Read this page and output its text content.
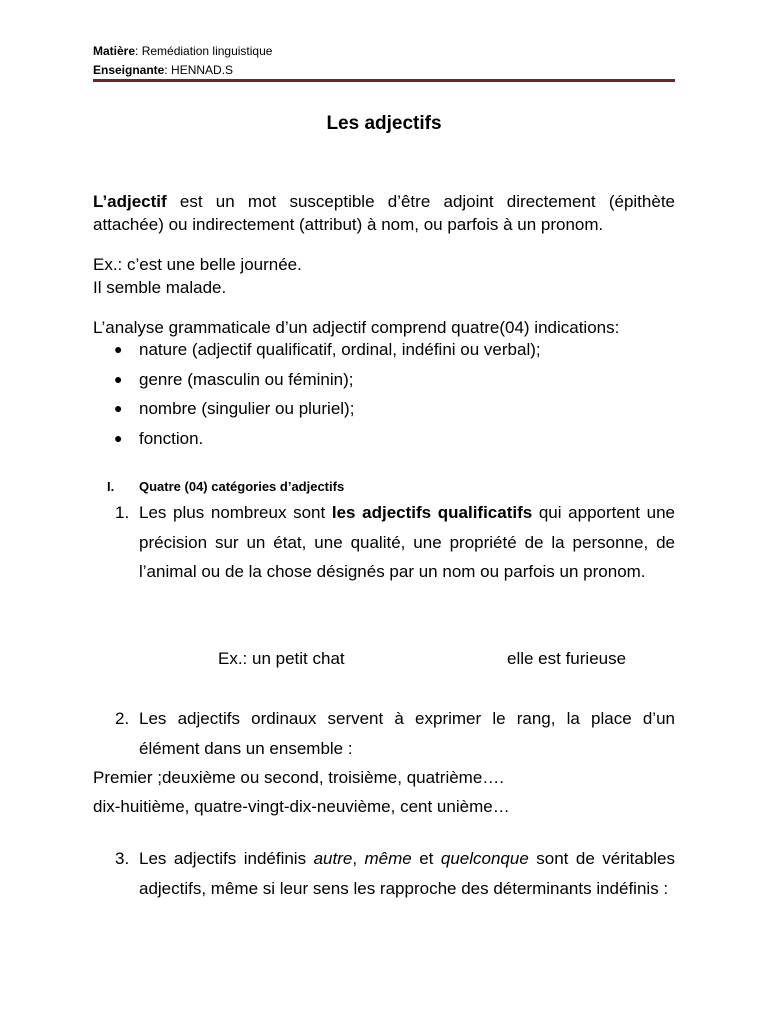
Matière: Remédiation linguistique
Enseignante: HENNAD.S
Les adjectifs
L’adjectif est un mot susceptible d’être adjoint directement (épithète attachée) ou indirectement (attribut) à nom, ou parfois à un pronom.
Ex.: c’est une belle journée.
Il semble malade.
L’analyse grammaticale d’un adjectif comprend quatre(04) indications:
● nature (adjectif qualificatif, ordinal, indéfini ou verbal);
● genre (masculin ou féminin);
● nombre (singulier ou pluriel);
● fonction.
I. Quatre (04) catégories d’adjectifs
1. Les plus nombreux sont les adjectifs qualificatifs qui apportent une précision sur un état, une qualité, une propriété de la personne, de l’animal ou de la chose désignés par un nom ou parfois un pronom.
Ex.: un petit chat	elle est furieuse
2. Les adjectifs ordinaux servent à exprimer le rang, la place d’un élément dans un ensemble :
Premier ;deuxième ou second, troisième, quatrième….
dix-huitième, quatre-vingt-dix-neuvième, cent unième…
3. Les adjectifs indéfinis autre, même et quelconque sont de véritables adjectifs, même si leur sens les rapproche des déterminants indéfinis :
